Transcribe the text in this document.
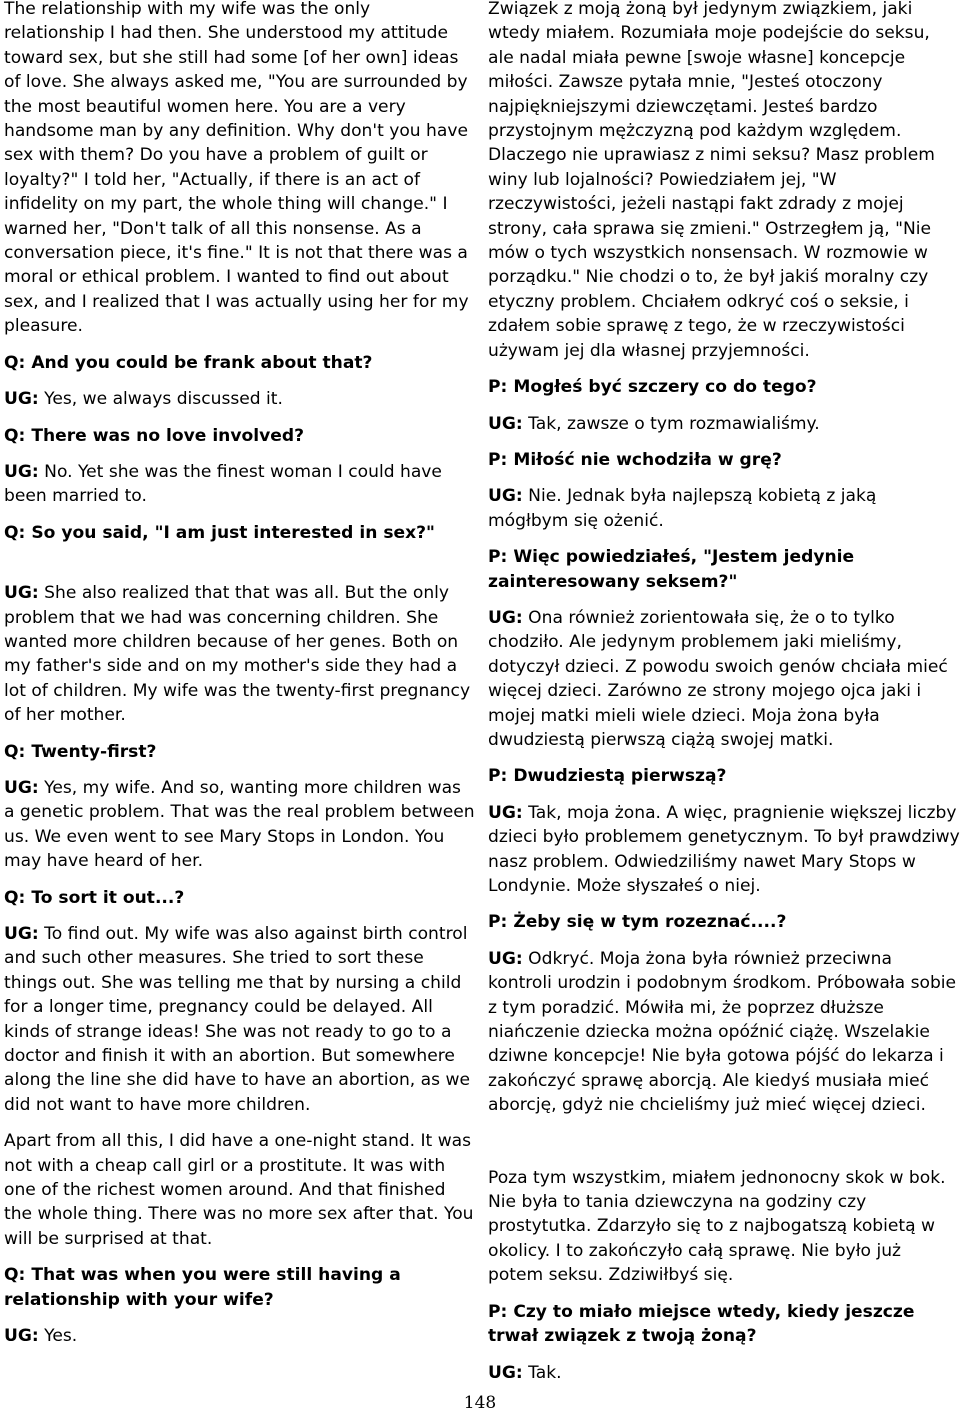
The relationship with my wife was the only relationship I had then. She understood my attitude toward sex, but she still had some [of her own] ideas of love. She always asked me, "You are surrounded by the most beautiful women here. You are a very handsome man by any definition. Why don't you have sex with them? Do you have a problem of guilt or loyalty?" I told her, "Actually, if there is an act of infidelity on my part, the whole thing will change." I warned her, "Don't talk of all this nonsense. As a conversation piece, it's fine." It is not that there was a moral or ethical problem. I wanted to find out about sex, and I realized that I was actually using her for my pleasure.

Q: And you could be frank about that?

UG: Yes, we always discussed it.

Q: There was no love involved?

UG: No. Yet she was the finest woman I could have been married to.

Q: So you said, "I am just interested in sex?"

UG: She also realized that that was all. But the only problem that we had was concerning children. She wanted more children because of her genes. Both on my father's side and on my mother's side they had a lot of children. My wife was the twenty-first pregnancy of her mother.

Q: Twenty-first?

UG: Yes, my wife. And so, wanting more children was a genetic problem. That was the real problem between us. We even went to see Mary Stops in London. You may have heard of her.

Q: To sort it out...?

UG: To find out. My wife was also against birth control and such other measures. She tried to sort these things out. She was telling me that by nursing a child for a longer time, pregnancy could be delayed. All kinds of strange ideas! She was not ready to go to a doctor and finish it with an abortion. But somewhere along the line she did have to have an abortion, as we did not want to have more children.

Apart from all this, I did have a one-night stand. It was not with a cheap call girl or a prostitute. It was with one of the richest women around. And that finished the whole thing. There was no more sex after that. You will be surprised at that.

Q: That was when you were still having a relationship with your wife?

UG: Yes.

Związek z moją żoną był jedynym związkiem, jaki wtedy miałem. Rozumiała moje podejście do seksu, ale nadal miała pewne [swoje własne] koncepcje miłości. Zawsze pytała mnie, "Jesteś otoczony najpiękniejszymi dziewczętami. Jesteś bardzo przystojnym mężczyzną pod każdym względem. Dlaczego nie uprawiasz z nimi seksu? Masz problem winy lub lojalności? Powiedziałem jej, "W rzeczywistości, jeżeli nastąpi fakt zdrady z mojej strony, cała sprawa się zmieni." Ostrzegłem ją, "Nie mów o tych wszystkich nonsensach. W rozmowie w porządku." Nie chodzi o to, że był jakiś moralny czy etyczny problem. Chciałem odkryć coś o seksie, i zdałem sobie sprawę z tego, że w rzeczywistości używam jej dla własnej przyjemności.

P: Mogłeś być szczery co do tego?

UG: Tak, zawsze o tym rozmawialiśmy.

P: Miłość nie wchodziła w grę?

UG: Nie. Jednak była najlepszą kobietą z jaką mógłbym się ożenić.

P: Więc powiedziałeś, "Jestem jedynie zainteresowany seksem?"

UG: Ona również zorientowała się, że o to tylko chodziło. Ale jedynym problemem jaki mieliśmy, dotyczył dzieci. Z powodu swoich genów chciała mieć więcej dzieci. Zarówno ze strony mojego ojca jaki i mojej matki mieli wiele dzieci. Moja żona była dwudziestą pierwszą ciążą swojej matki.

P: Dwudziestą pierwszą?

UG: Tak, moja żona. A więc, pragnienie większej liczby dzieci było problemem genetycznym. To był prawdziwy nasz problem. Odwiedziliśmy nawet Mary Stops w Londynie. Może słyszałeś o niej.

P: Żeby się w tym rozeznać....?

UG: Odkryć. Moja żona była również przeciwna kontroli urodzin i podobnym środkom. Próbowała sobie z tym poradzić. Mówiła mi, że poprzez dłuższe niańczenie dziecka można opóźnić ciążę. Wszelakie dziwne koncepcje! Nie była gotowa pójść do lekarza i zakończyć sprawę aborcją. Ale kiedyś musiała mieć aborcję, gdyż nie chcieliśmy już mieć więcej dzieci.

Poza tym wszystkim, miałem jednonocny skok w bok. Nie była to tania dziewczyna na godziny czy prostytutka. Zdarzyło się to z najbogatszą kobietą w okolicy. I to zakończyło całą sprawę. Nie było już potem seksu. Zdziwiłbyś się.

P: Czy to miało miejsce wtedy, kiedy jeszcze trwał związek z twoją żoną?

UG: Tak.

148
